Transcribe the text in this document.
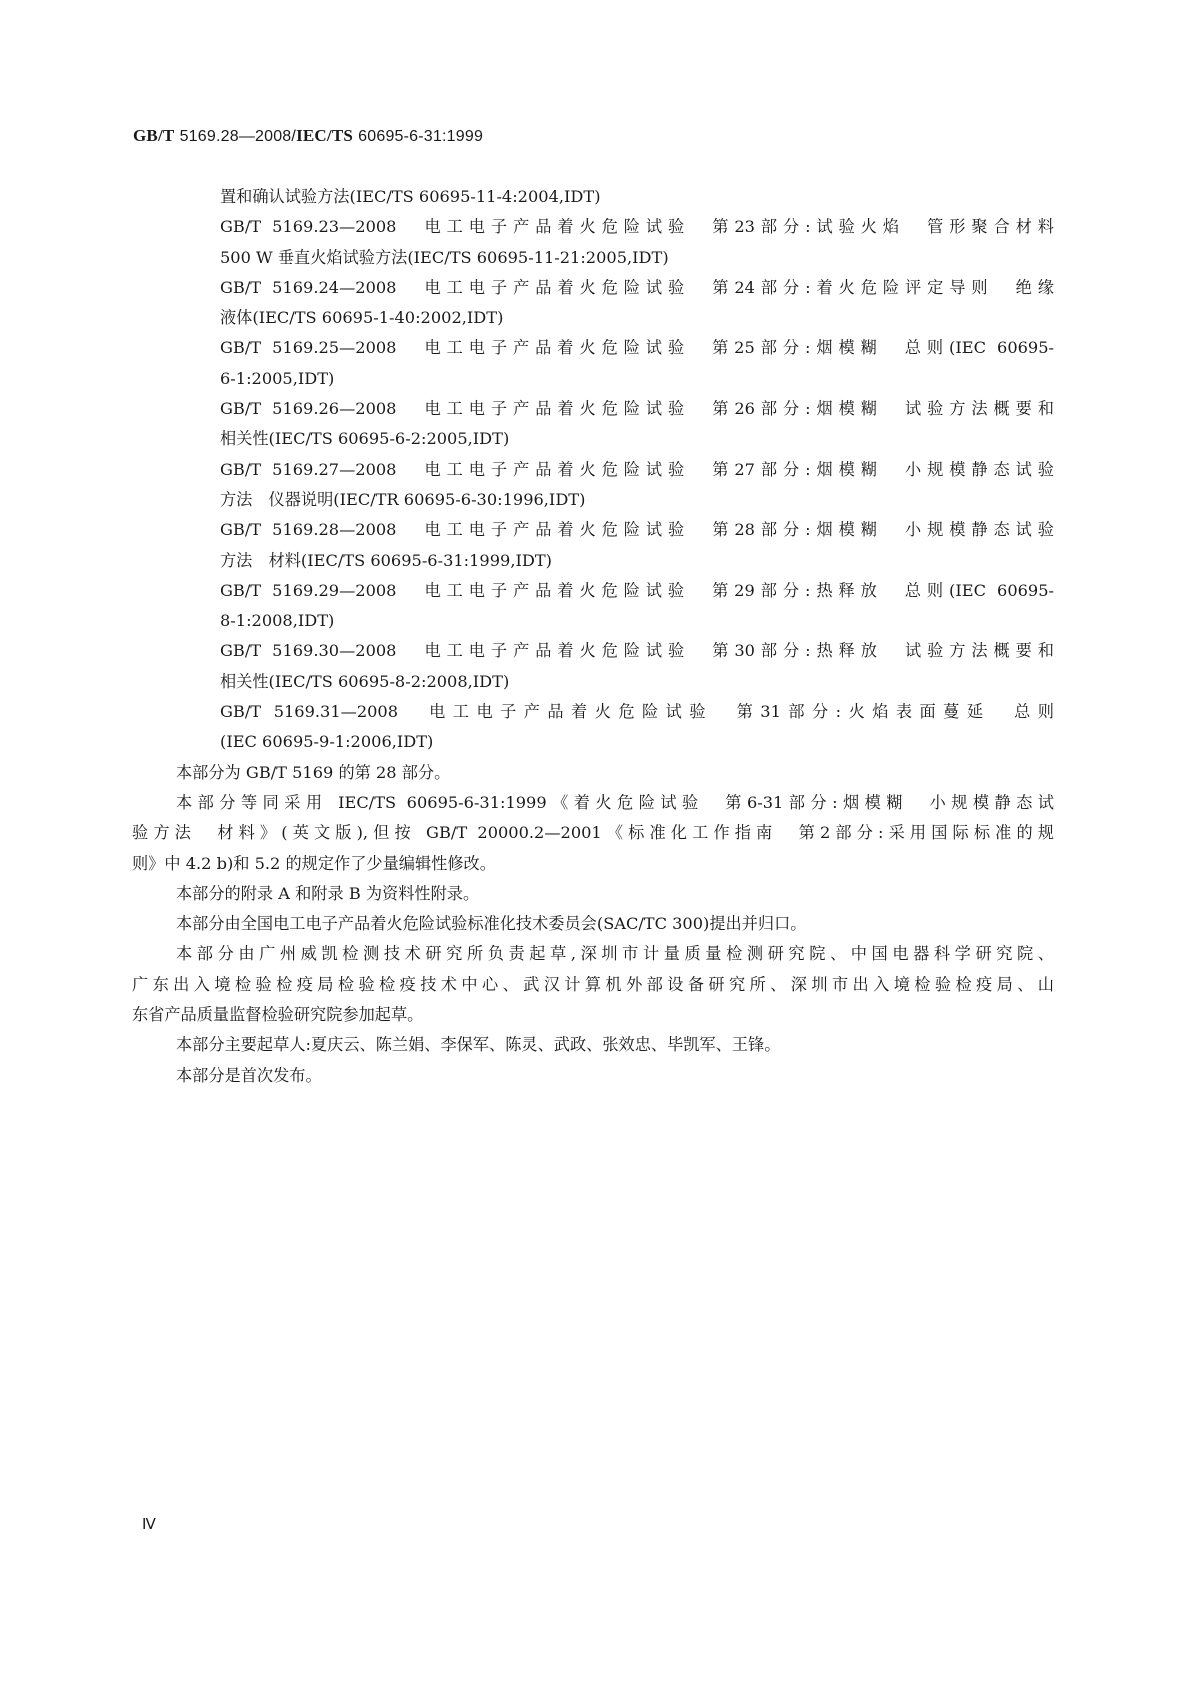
GB/T 5169.28—2008/IEC/TS 60695-6-31:1999
置和确认试验方法(IEC/TS 60695-11-4:2004,IDT)
GB/T 5169.23—2008　电工电子产品着火危险试验　第23部分:试验火焰　管形聚合材料
500 W 垂直火焰试验方法(IEC/TS 60695-11-21:2005,IDT)
GB/T 5169.24—2008　电工电子产品着火危险试验　第24部分:着火危险评定导则　绝缘
液体(IEC/TS 60695-1-40:2002,IDT)
GB/T 5169.25—2008　电工电子产品着火危险试验　第25部分:烟模糊　总则(IEC 60695-
6-1:2005,IDT)
GB/T 5169.26—2008　电工电子产品着火危险试验　第26部分:烟模糊　试验方法概要和
相关性(IEC/TS 60695-6-2:2005,IDT)
GB/T 5169.27—2008　电工电子产品着火危险试验　第27部分:烟模糊　小规模静态试验
方法　仪器说明(IEC/TR 60695-6-30:1996,IDT)
GB/T 5169.28—2008　电工电子产品着火危险试验　第28部分:烟模糊　小规模静态试验
方法　材料(IEC/TS 60695-6-31:1999,IDT)
GB/T 5169.29—2008　电工电子产品着火危险试验　第29部分:热释放　总则(IEC 60695-
8-1:2008,IDT)
GB/T 5169.30—2008　电工电子产品着火危险试验　第30部分:热释放　试验方法概要和
相关性(IEC/TS 60695-8-2:2008,IDT)
GB/T 5169.31—2008　电工电子产品着火危险试验　第31部分:火焰表面蔓延　总则
(IEC 60695-9-1:2006,IDT)
本部分为 GB/T 5169 的第 28 部分。
本部分等同采用 IEC/TS 60695-6-31:1999《着火危险试验　第6-31部分:烟模糊　小规模静态试
验方法　材料》(英文版),但按 GB/T 20000.2—2001《标准化工作指南　第2部分:采用国际标准的规
则》中 4.2 b)和 5.2 的规定作了少量编辑性修改。
本部分的附录 A 和附录 B 为资料性附录。
本部分由全国电工电子产品着火危险试验标准化技术委员会(SAC/TC 300)提出并归口。
本部分由广州威凯检测技术研究所负责起草,深圳市计量质量检测研究院、中国电器科学研究院、
广东出入境检验检疫局检验检疫技术中心、武汉计算机外部设备研究所、深圳市出入境检验检疫局、山
东省产品质量监督检验研究院参加起草。
本部分主要起草人:夏庆云、陈兰娟、李保军、陈灵、武政、张效忠、毕凯军、王锋。
本部分是首次发布。
Ⅳ
